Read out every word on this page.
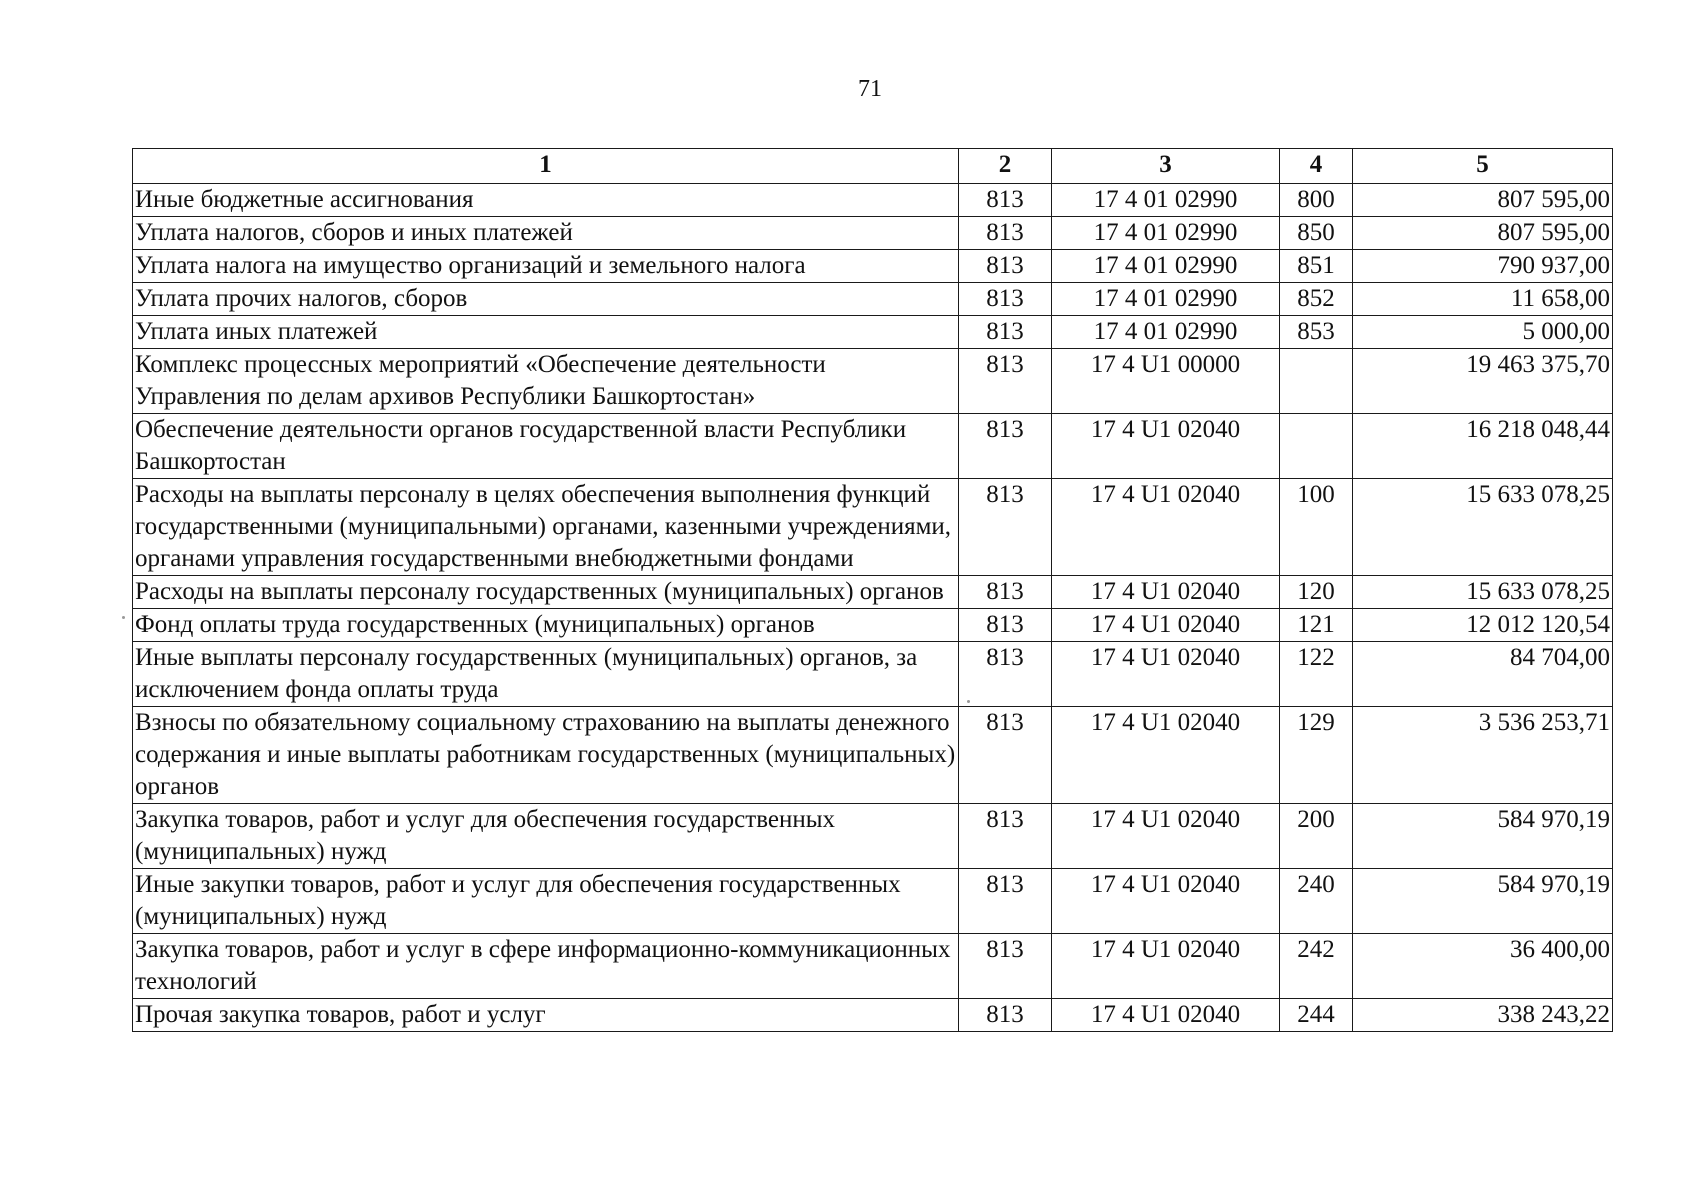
71
1	2	3	4	5
Иные бюджетные ассигнования	813	17 4 01 02990	800	807 595,00
Уплата налогов, сборов и иных платежей	813	17 4 01 02990	850	807 595,00
Уплата налога на имущество организаций и земельного налога	813	17 4 01 02990	851	790 937,00
Уплата прочих налогов, сборов	813	17 4 01 02990	852	11 658,00
Уплата иных платежей	813	17 4 01 02990	853	5 000,00
Комплекс процессных мероприятий «Обеспечение деятельности Управления по делам архивов Республики Башкортостан»	813	17 4 U1 00000		19 463 375,70
Обеспечение деятельности органов государственной власти Республики Башкортостан	813	17 4 U1 02040		16 218 048,44
Расходы на выплаты персоналу в целях обеспечения выполнения функций государственными (муниципальными) органами, казенными учреждениями, органами управления государственными внебюджетными фондами	813	17 4 U1 02040	100	15 633 078,25
Расходы на выплаты персоналу государственных (муниципальных) органов	813	17 4 U1 02040	120	15 633 078,25
Фонд оплаты труда государственных (муниципальных) органов	813	17 4 U1 02040	121	12 012 120,54
Иные выплаты персоналу государственных (муниципальных) органов, за исключением фонда оплаты труда	813	17 4 U1 02040	122	84 704,00
Взносы по обязательному социальному страхованию на выплаты денежного содержания и иные выплаты работникам государственных (муниципальных) органов	813	17 4 U1 02040	129	3 536 253,71
Закупка товаров, работ и услуг для обеспечения государственных (муниципальных) нужд	813	17 4 U1 02040	200	584 970,19
Иные закупки товаров, работ и услуг для обеспечения государственных (муниципальных) нужд	813	17 4 U1 02040	240	584 970,19
Закупка товаров, работ и услуг в сфере информационно-коммуникационных технологий	813	17 4 U1 02040	242	36 400,00
Прочая закупка товаров, работ и услуг	813	17 4 U1 02040	244	338 243,22
